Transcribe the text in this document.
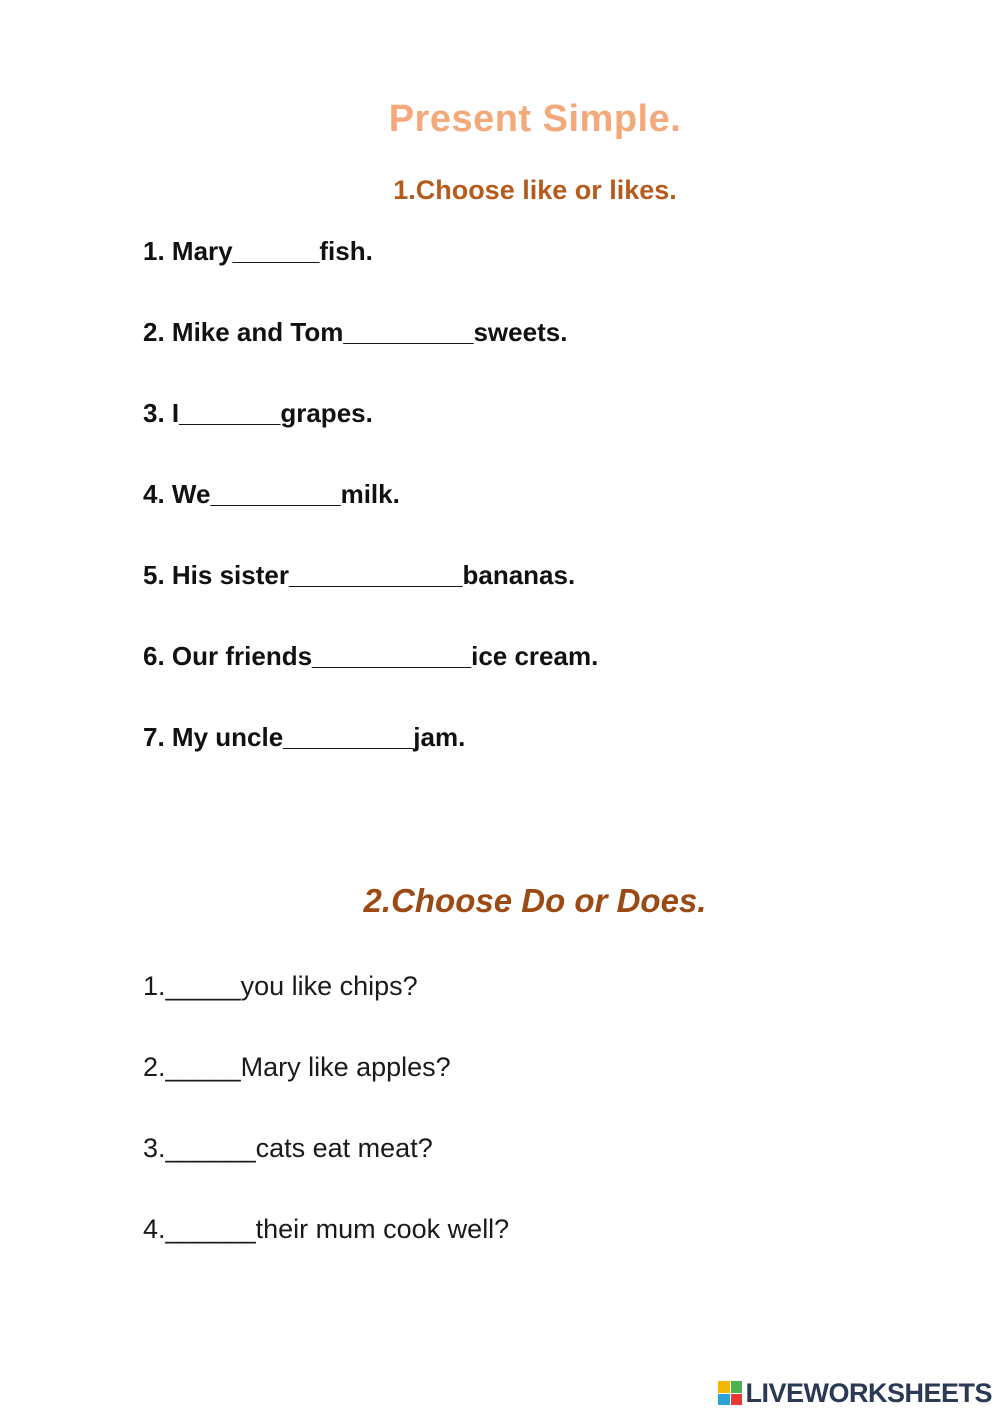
Present Simple.
1.Choose like or likes.
1. Mary______fish.
2. Mike and Tom_________sweets.
3. I_______grapes.
4. We_________milk.
5. His sister____________bananas.
6. Our friends___________ice cream.
7. My uncle_________jam.
2.Choose Do or Does.
1._____you like chips?
2._____Mary like apples?
3.______cats eat meat?
4.______their mum cook well?
LIVEWORKSHEETS
